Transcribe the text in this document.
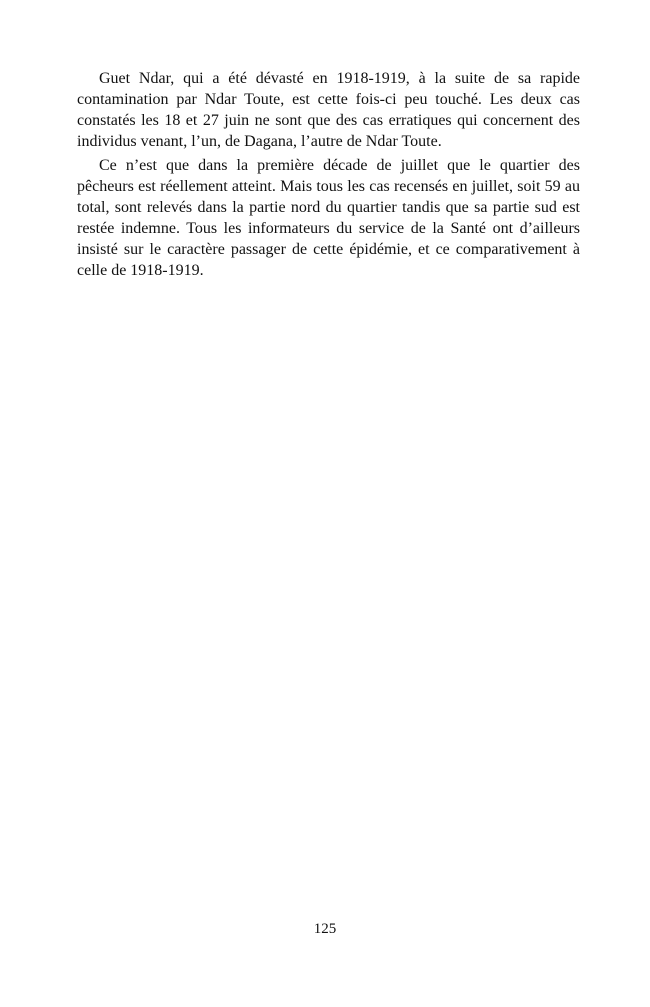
Guet Ndar, qui a été dévasté en 1918-1919, à la suite de sa rapide contamination par Ndar Toute, est cette fois-ci peu touché. Les deux cas constatés les 18 et 27 juin ne sont que des cas erratiques qui concernent des individus venant, l’un, de Dagana, l’autre de Ndar Toute.

Ce n’est que dans la première décade de juillet que le quartier des pêcheurs est réellement atteint. Mais tous les cas recensés en juillet, soit 59 au total, sont relevés dans la partie nord du quartier tandis que sa partie sud est restée indemne. Tous les informateurs du service de la Santé ont d’ailleurs insisté sur le caractère passager de cette épidémie, et ce comparativement à celle de 1918-1919.

125
